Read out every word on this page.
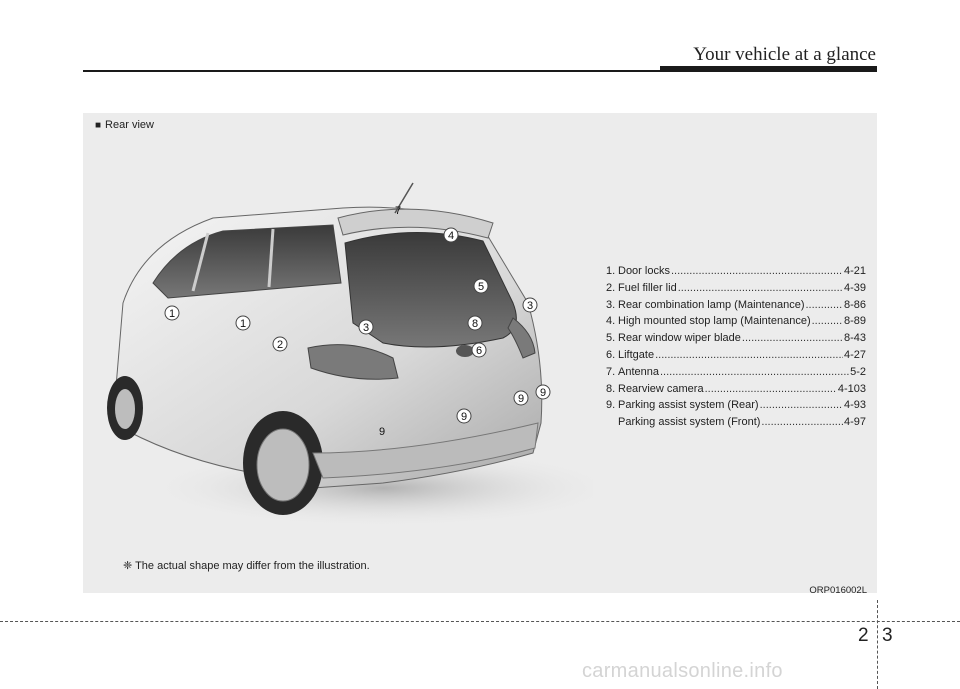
Your vehicle at a glance
■ Rear view
1
1
2
3
3
4
5
6
7
8
9
9
9 9
1. Door locks .....	4-21
2. Fuel filler lid .....	4-39
3. Rear combination lamp (Maintenance) .....	8-86
4. High mounted stop lamp (Maintenance) .....	8-89
5. Rear window wiper blade .....	8-43
6. Liftgate .....	4-27
7. Antenna .....	5-2
8. Rearview camera .....	4-103
9. Parking assist system (Rear) .....	4-93
Parking assist system (Front) .....	4-97
❈ The actual shape may differ from the illustration.
ORP016002L
2 3
carmanualsonline.info
